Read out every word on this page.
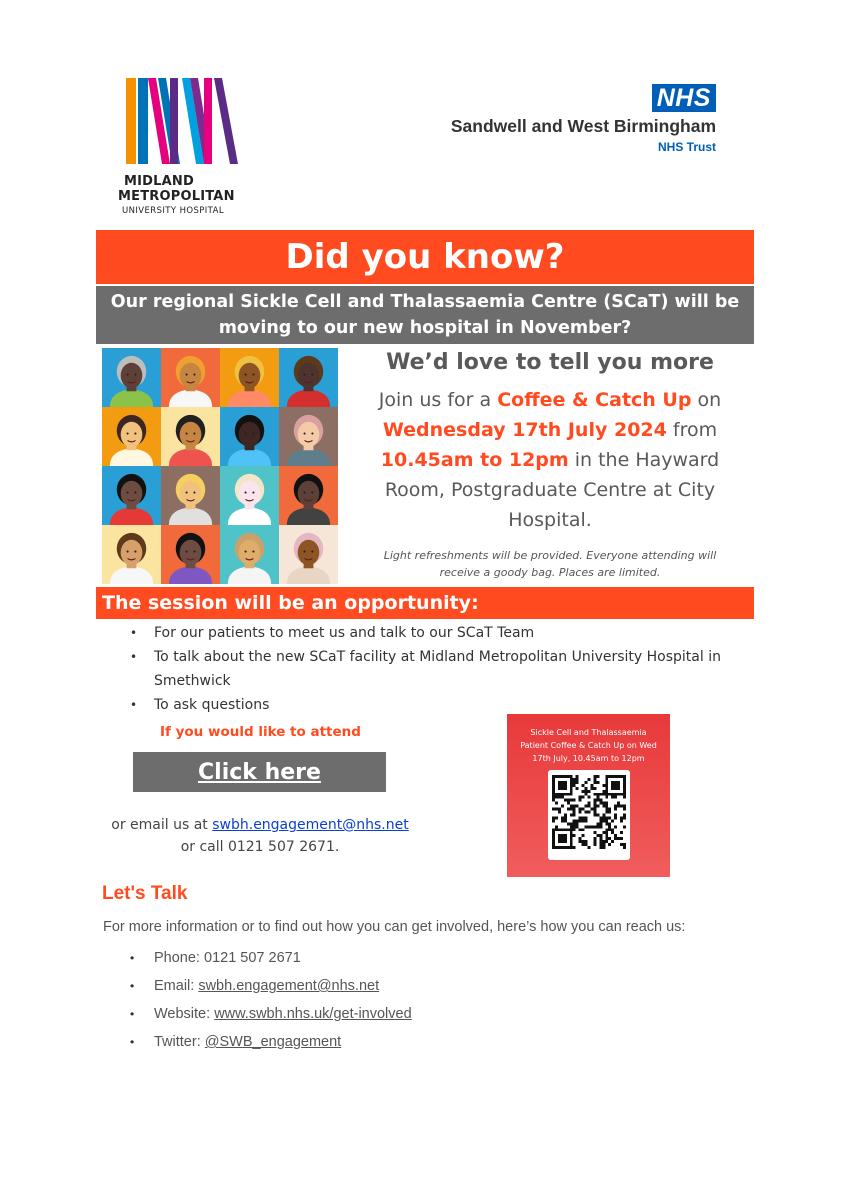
MIDLAND
METROPOLITAN
UNIVERSITY HOSPITAL
NHS
Sandwell and West Birmingham
NHS Trust
Did you know?
Our regional Sickle Cell and Thalassaemia Centre (SCaT) will be moving to our new hospital in November?
We’d love to tell you more
Join us for a Coffee & Catch Up on
Wednesday 17th July 2024 from
10.45am to 12pm in the Hayward Room, Postgraduate Centre at City Hospital.
Light refreshments will be provided. Everyone attending will receive a goody bag. Places are limited.
The session will be an opportunity:
• For our patients to meet us and talk to our SCaT Team
• To talk about the new SCaT facility at Midland Metropolitan University Hospital in Smethwick
• To ask questions
If you would like to attend
Click here
or email us at swbh.engagement@nhs.net
or call 0121 507 2671.
Sickle Cell and Thalassaemia Patient Coffee & Catch Up on Wed 17th July, 10.45am to 12pm
Let's Talk
For more information or to find out how you can get involved, here’s how you can reach us:
• Phone: 0121 507 2671
• Email: swbh.engagement@nhs.net
• Website: www.swbh.nhs.uk/get-involved
• Twitter: @SWB_engagement
